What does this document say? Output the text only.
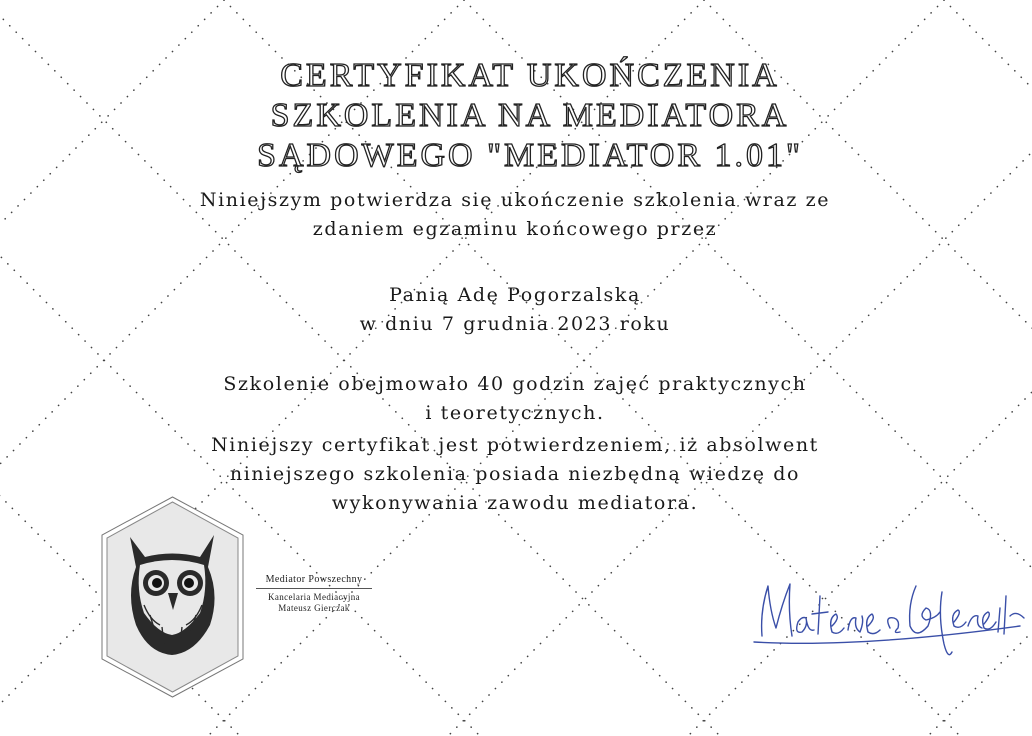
CERTYFIKAT UKOŃCZENIA
SZKOLENIA NA MEDIATORA
SĄDOWEGO "MEDIATOR 1.01"
Niniejszym potwierdza się ukończenie szkolenia wraz ze
zdaniem egzaminu końcowego przez
Panią Adę Pogorzalską
w dniu 7 grudnia 2023 roku
Szkolenie obejmowało 40 godzin zajęć praktycznych
i teoretycznych.
Niniejszy certyfikat jest potwierdzeniem, iż absolwent
niniejszego szkolenia posiada niezbędną wiedzę do
wykonywania zawodu mediatora.
Mediator Powszechny
Kancelaria Mediacyjna
Mateusz Gierczak
